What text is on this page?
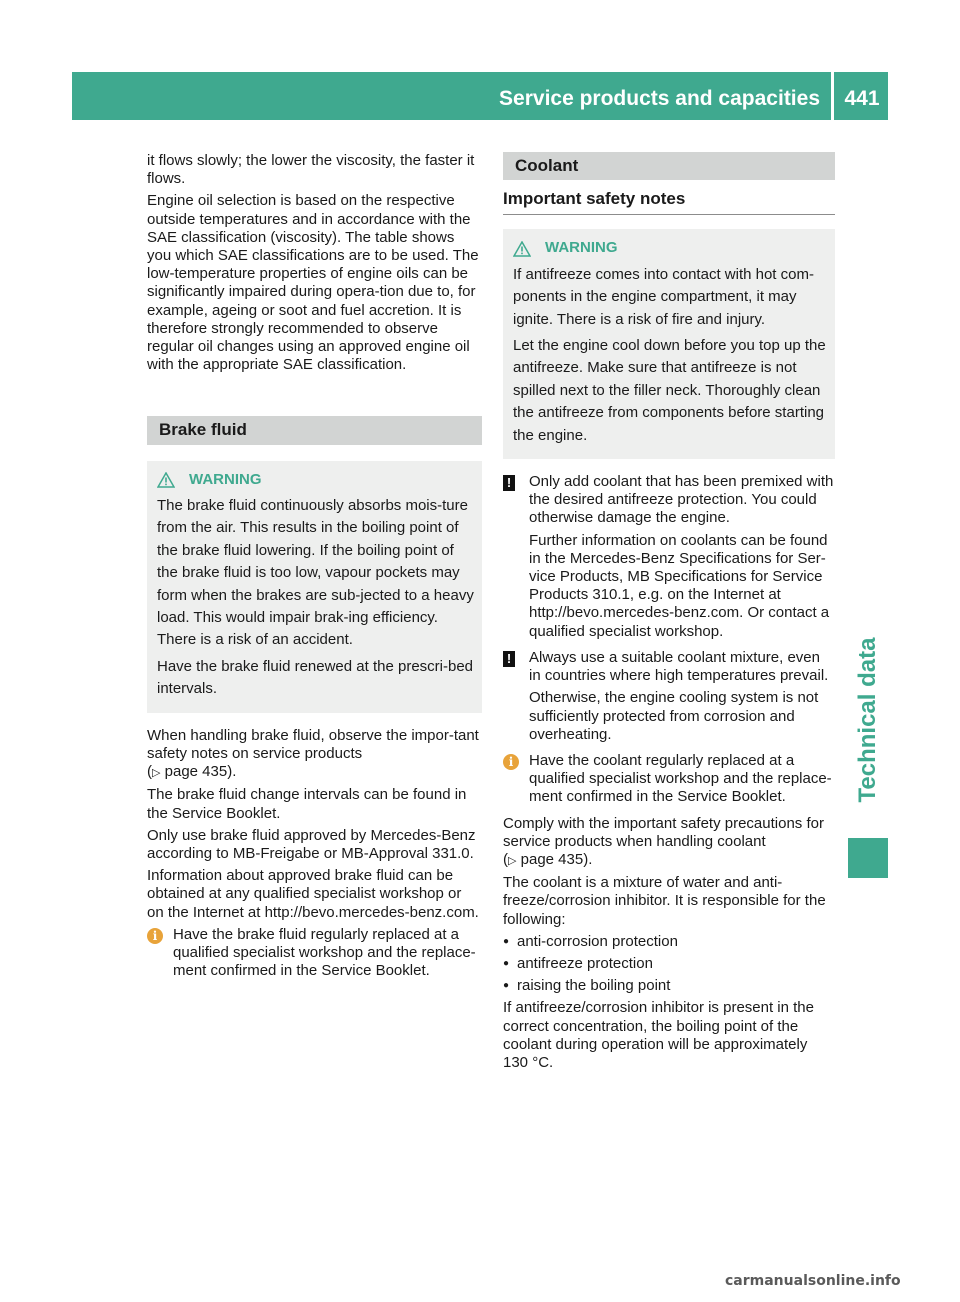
Service products and capacities	441
Technical data

it flows slowly; the lower the viscosity, the faster it flows.

Engine oil selection is based on the respective outside temperatures and in accordance with the SAE classification (viscosity). The table shows you which SAE classifications are to be used. The low-temperature properties of engine oils can be significantly impaired during opera-tion due to, for example, ageing or soot and fuel accretion. It is therefore strongly recommended to observe regular oil changes using an approved engine oil with the appropriate SAE classification.

Brake fluid
WARNING

The brake fluid continuously absorbs mois-ture from the air. This results in the boiling point of the brake fluid lowering. If the boiling point of the brake fluid is too low, vapour pockets may form when the brakes are sub-jected to a heavy load. This would impair brak-ing efficiency. There is a risk of an accident.

Have the brake fluid renewed at the prescri-bed intervals.

When handling brake fluid, observe the impor-tant safety notes on service products
(▷ page 435).

The brake fluid change intervals can be found in the Service Booklet.

Only use brake fluid approved by Mercedes-Benz according to MB-Freigabe or MB-Approval 331.0.

Information about approved brake fluid can be obtained at any qualified specialist workshop or on the Internet at http://bevo.mercedes-benz.com.

i	Have the brake fluid regularly replaced at a qualified specialist workshop and the replace-ment confirmed in the Service Booklet.

Coolant
Important safety notes
WARNING

If antifreeze comes into contact with hot com-ponents in the engine compartment, it may ignite. There is a risk of fire and injury.

Let the engine cool down before you top up the antifreeze. Make sure that antifreeze is not spilled next to the filler neck. Thoroughly clean the antifreeze from components before starting the engine.

!	Only add coolant that has been premixed with the desired antifreeze protection. You could otherwise damage the engine.

Further information on coolants can be found in the Mercedes-Benz Specifications for Ser-vice Products, MB Specifications for Service Products 310.1, e.g. on the Internet at http://bevo.mercedes-benz.com. Or contact a qualified specialist workshop.

!	Always use a suitable coolant mixture, even in countries where high temperatures prevail.

Otherwise, the engine cooling system is not sufficiently protected from corrosion and overheating.

i	Have the coolant regularly replaced at a qualified specialist workshop and the replace-ment confirmed in the Service Booklet.

Comply with the important safety precautions for service products when handling coolant
(▷ page 435).

The coolant is a mixture of water and anti-freeze/corrosion inhibitor. It is responsible for the following:

● anti-corrosion protection
● antifreeze protection
● raising the boiling point

If antifreeze/corrosion inhibitor is present in the correct concentration, the boiling point of the coolant during operation will be approximately 130 °C.

carmanualsonline.info
